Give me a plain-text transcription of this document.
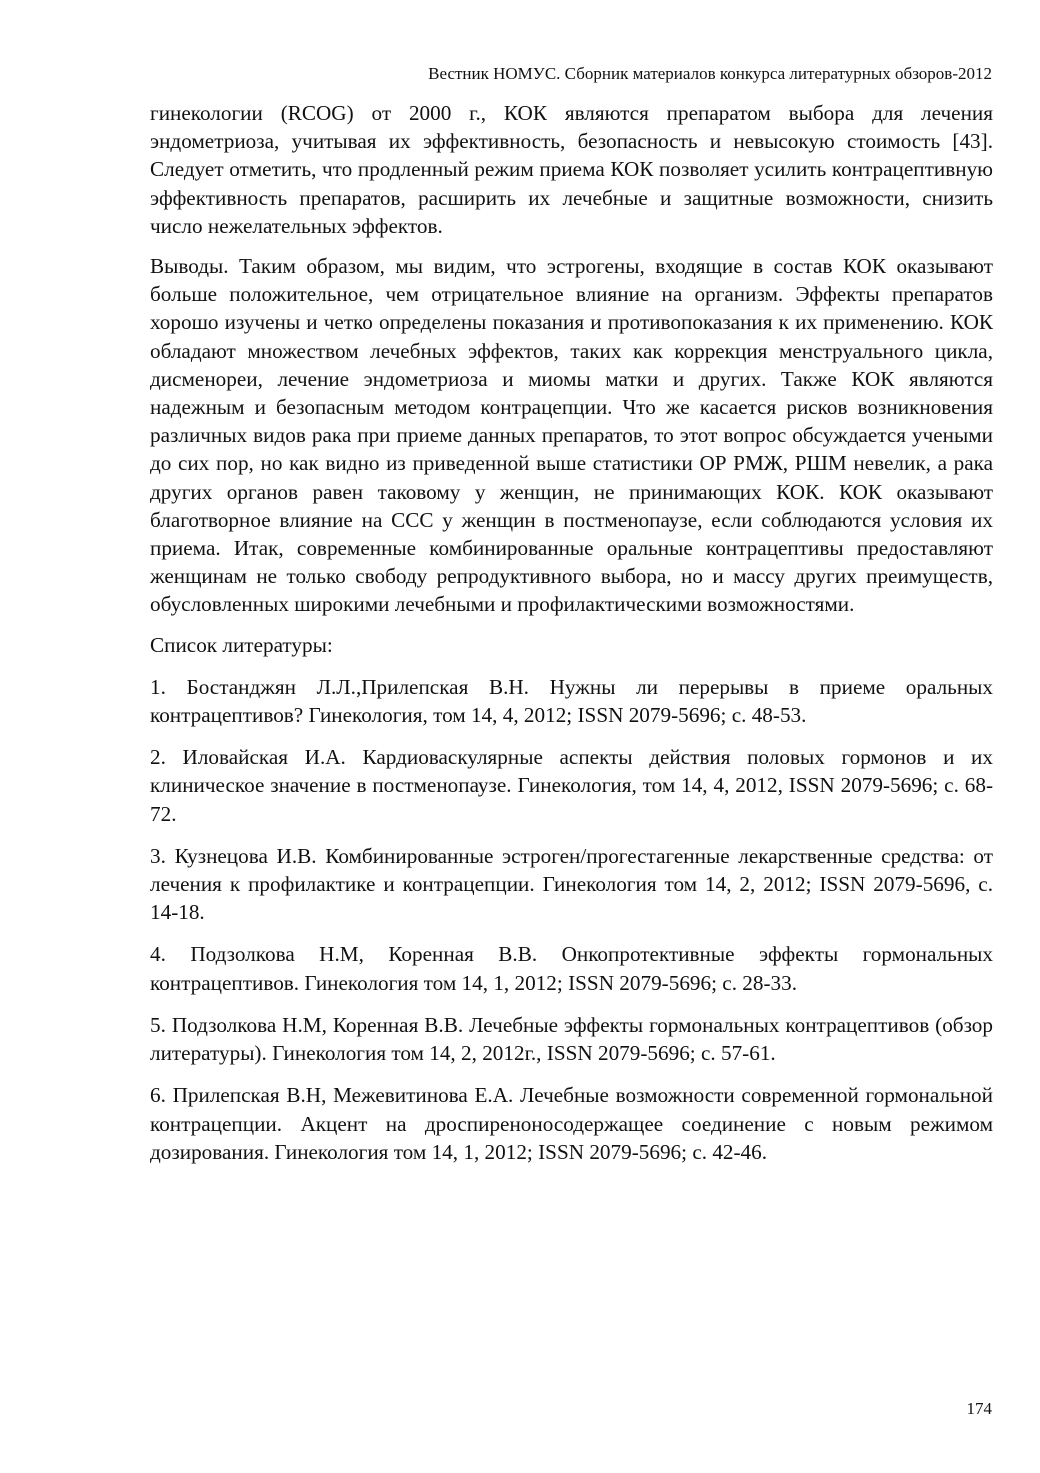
Вестник НОМУС. Сборник материалов конкурса литературных обзоров-2012

гинекологии (RCOG) от 2000 г., КОК являются препаратом выбора для лечения эндометриоза, учитывая их эффективность, безопасность и невысокую стоимость [43]. Следует отметить, что продленный режим приема КОК позволяет усилить контрацептивную эффективность препаратов, расширить их лечебные и защитные возможности, снизить число нежелательных эффектов.

Выводы. Таким образом, мы видим, что эстрогены, входящие в состав КОК оказывают больше положительное, чем отрицательное влияние на организм. Эффекты препаратов хорошо изучены и четко определены показания и противопоказания к их применению. КОК обладают множеством лечебных эффектов, таких как коррекция менструального цикла, дисменореи, лечение эндометриоза и миомы матки и других. Также КОК являются надежным и безопасным методом контрацепции. Что же касается рисков возникновения различных видов рака при приеме данных препаратов, то этот вопрос обсуждается учеными до сих пор, но как видно из приведенной выше статистики ОР РМЖ, РШМ невелик, а рака других органов равен таковому у женщин, не принимающих КОК. КОК оказывают благотворное влияние на ССС у женщин в постменопаузе, если соблюдаются условия их приема. Итак, современные комбинированные оральные контрацептивы предоставляют женщинам не только свободу репродуктивного выбора, но и массу других преимуществ, обусловленных широкими лечебными и профилактическими возможностями.

Список литературы:

1. Бостанджян Л.Л.,Прилепская В.Н. Нужны ли перерывы в приеме оральных контрацептивов? Гинекология, том 14, 4, 2012; ISSN 2079-5696; с. 48-53.

2. Иловайская И.А. Кардиоваскулярные аспекты действия половых гормонов и их клиническое значение в постменопаузе. Гинекология, том 14, 4, 2012, ISSN 2079-5696; с. 68-72.

3. Кузнецова И.В. Комбинированные эстроген/прогестагенные лекарственные средства: от лечения к профилактике и контрацепции. Гинекология том 14, 2, 2012; ISSN 2079-5696, с. 14-18.

4. Подзолкова Н.М, Коренная В.В. Онкопротективные эффекты гормональных контрацептивов. Гинекология том 14, 1, 2012; ISSN 2079-5696; с. 28-33.

5. Подзолкова Н.М, Коренная В.В. Лечебные эффекты гормональных контрацептивов (обзор литературы). Гинекология том 14, 2, 2012г., ISSN 2079-5696; с. 57-61.

6. Прилепская В.Н, Межевитинова Е.А. Лечебные возможности современной гормональной контрацепции. Акцент на дроспиреноносодержащее соединение с новым режимом дозирования. Гинекология том 14, 1, 2012; ISSN 2079-5696; с. 42-46.

174
